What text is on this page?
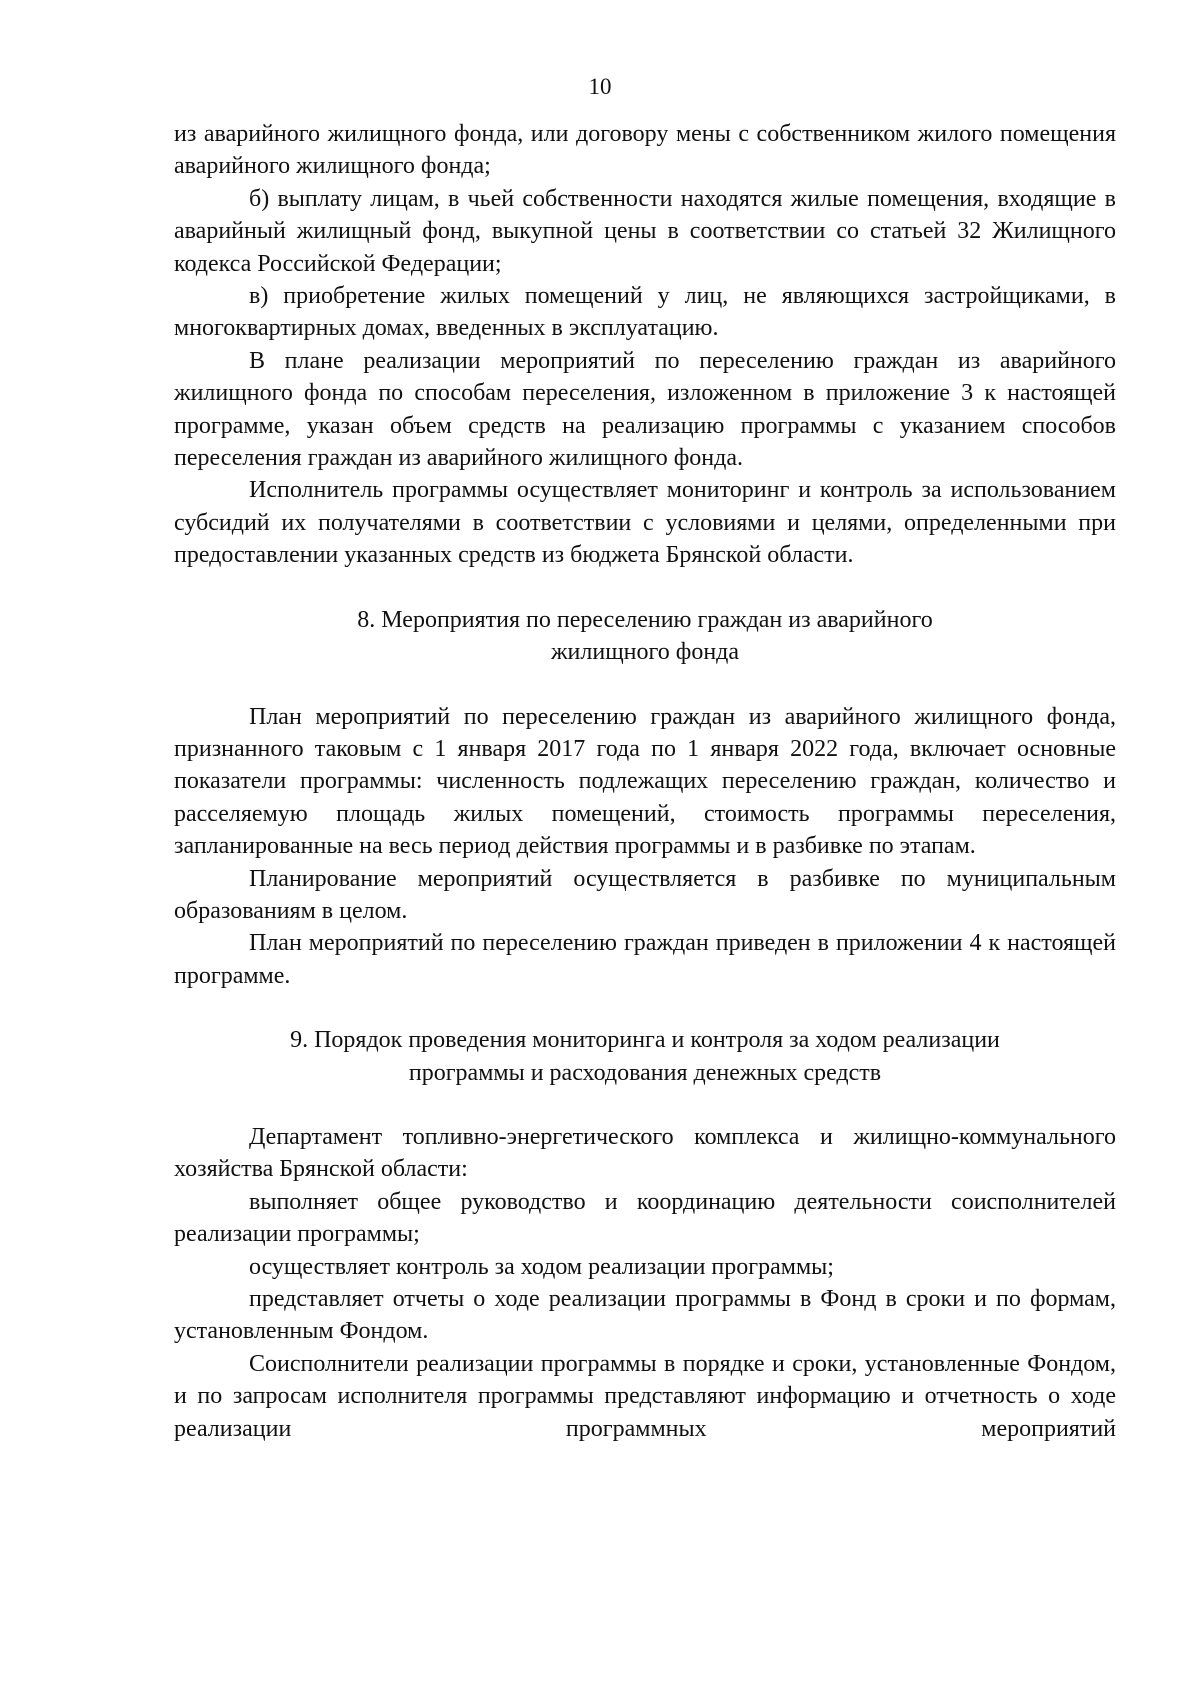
10

из аварийного жилищного фонда, или договору мены с собственником жилого помещения аварийного жилищного фонда;

б) выплату лицам, в чьей собственности находятся жилые помещения, входящие в аварийный жилищный фонд, выкупной цены в соответствии со статьей 32 Жилищного кодекса Российской Федерации;

в) приобретение жилых помещений у лиц, не являющихся застройщиками, в многоквартирных домах, введенных в эксплуатацию.

В плане реализации мероприятий по переселению граждан из аварийного жилищного фонда по способам переселения, изложенном в приложение 3 к настоящей программе, указан объем средств на реализацию программы с указанием способов переселения граждан из аварийного жилищного фонда.

Исполнитель программы осуществляет мониторинг и контроль за использованием субсидий их получателями в соответствии с условиями и целями, определенными при предоставлении указанных средств из бюджета Брянской области.

8. Мероприятия по переселению граждан из аварийного
жилищного фонда

План мероприятий по переселению граждан из аварийного жилищного фонда, признанного таковым с 1 января 2017 года по 1 января 2022 года, включает основные показатели программы: численность подлежащих переселению граждан, количество и расселяемую площадь жилых помещений, стоимость программы переселения, запланированные на весь период действия программы и в разбивке по этапам.

Планирование мероприятий осуществляется в разбивке по муниципальным образованиям в целом.

План мероприятий по переселению граждан приведен в приложении 4 к настоящей программе.

9. Порядок проведения мониторинга и контроля за ходом реализации
программы и расходования денежных средств

Департамент топливно-энергетического комплекса и жилищно-коммунального хозяйства Брянской области:

выполняет общее руководство и координацию деятельности соисполнителей реализации программы;

осуществляет контроль за ходом реализации программы;

представляет отчеты о ходе реализации программы в Фонд в сроки и по формам, установленным Фондом.

Соисполнители реализации программы в порядке и сроки, установленные Фондом, и по запросам исполнителя программы представляют информацию и отчетность о ходе реализации программных мероприятий
